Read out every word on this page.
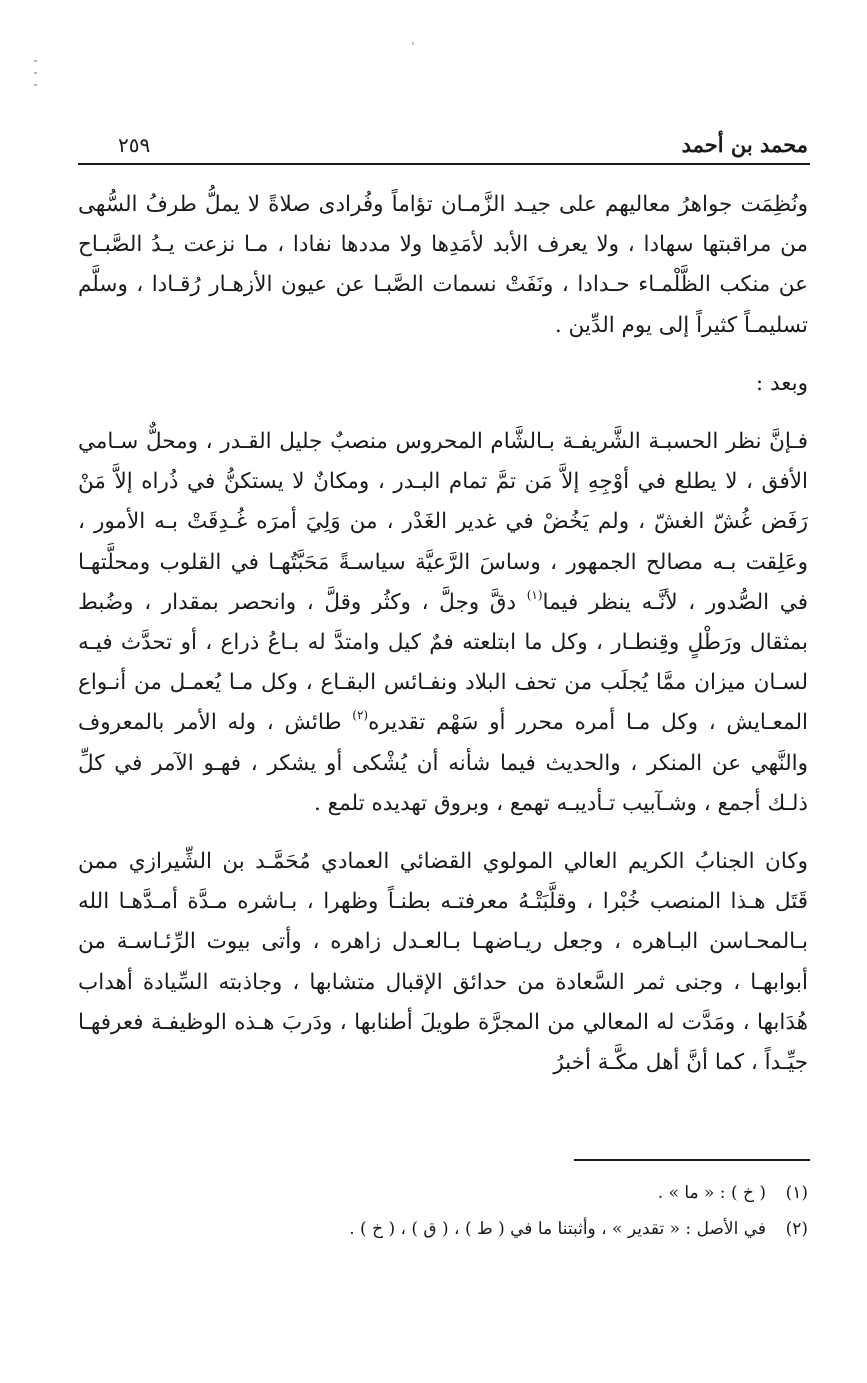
محمد بن أحمد
٢٥٩

ونُظِمَت جواهرُ معاليهم على جيـد الزَّمـان تؤاماً وفُرادى صلاةً لا يملُّ طرفُ السُّهى من مراقبتها سهادا ، ولا يعرف الأبد لأمَدِها ولا مددها نفادا ، مـا نزعت يـدُ الصَّبـاح عن منكب الظَّلْمـاء حـدادا ، ونَفَتْ نسمات الصَّبـا عن عيون الأزهـار رُقـادا ، وسلَّم تسليمـاً كثيراً إلى يوم الدِّين .

وبعد :

فـإنَّ نظر الحسبـة الشَّريفـة بـالشَّام المحروس منصبٌ جليل القـدر ، ومحلٌّ سـامي الأفق ، لا يطلع في أوْجِهِ إلاَّ مَن تمَّ تمام البـدر ، ومكانٌ لا يستكنُّ في ذُراه إلاَّ مَنْ رَفَض غُشّ الغشّ ، ولم يَخُضْ في غدير الغَدْر ، من وَلِيَ أمرَه غُـدِقَتْ بـه الأمور ، وعَلِقت بـه مصالح الجمهور ، وساسَ الرَّعيَّة سياسـةً مَحَبَّتُهـا في القلوب ومحلَّتهـا في الصُّدور ، لأنَّـه ينظر فيما$^{(١)}$ دقَّ وجلَّ ، وكثُر وقلَّ ، وانحصر بمقدار ، وضُبط بمثقال ورَطْلٍ وقِنطـار ، وكل ما ابتلعته فمٌ كيل وامتدَّ له بـاعُ ذراع ، أو تحدَّث فيـه لسـان ميزان ممَّا يُجلَب من تحف البلاد ونفـائس البقـاع ، وكل مـا يُعمـل من أنـواع المعـايش ، وكل مـا أمره محرر أو سَهْم تقديره$^{(٢)}$ طائش ، وله الأمر بالمعروف والنَّهي عن المنكر ، والحديث فيما شأنه أن يُشْكى أو يشكر ، فهـو الآمر في كلِّ ذلـك أجمع ، وشـآبيب تـأديبـه تهمع ، وبروق تهديده تلمع .

وكان الجنابُ الكريم العالي المولوي القضائي العمادي مُحَمَّـد بن الشِّيرازي ممن قَتَل هـذا المنصب خُبْرا ، وقلَّبَتْـهُ معرفتـه بطنـاً وظهرا ، بـاشره مـدَّة أمـدَّهـا الله بـالمحـاسن البـاهره ، وجعل ريـاضهـا بـالعـدل زاهره ، وأتى بيوت الرِّئـاسـة من أبوابهـا ، وجنى ثمر السَّعادة من حدائق الإقبال متشابها ، وجاذبته السِّيادة أهداب هُدَابها ، ومَدَّت له المعالي من المجرَّة طويلَ أطنابها ، ودَربَ هـذه الوظيفـة فعرفهـا جيِّـداً ، كما أنَّ أهل مكَّـة أخبرُ

(١)
( خ ) : « ما » .
(٢)
في الأصل : « تقدير » ، وأثبتنا ما في ( ط ) ، ( ق ) ، ( خ ) .
